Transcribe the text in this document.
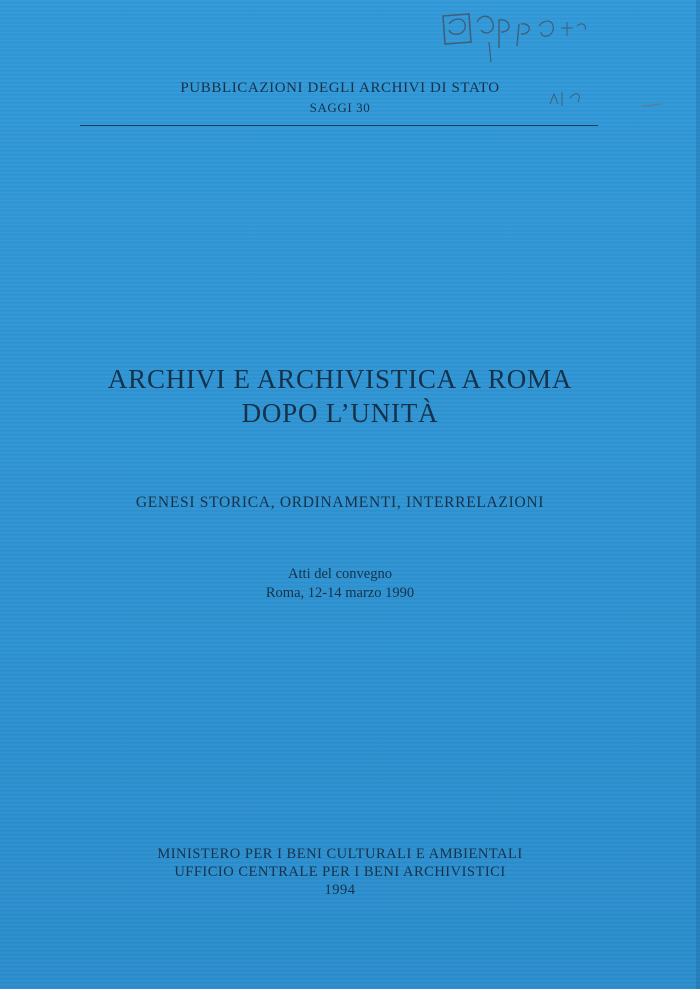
PUBBLICAZIONI DEGLI ARCHIVI DI STATO
SAGGI 30
ARCHIVI E ARCHIVISTICA A ROMA
DOPO L’UNITÀ
GENESI STORICA, ORDINAMENTI, INTERRELAZIONI
Atti del convegno
Roma, 12-14 marzo 1990
MINISTERO PER I BENI CULTURALI E AMBIENTALI
UFFICIO CENTRALE PER I BENI ARCHIVISTICI
1994
